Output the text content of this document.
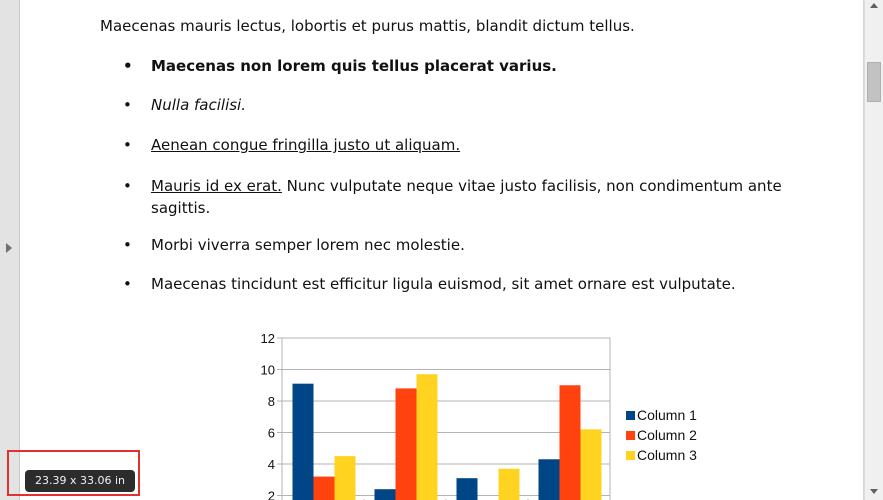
Maecenas mauris lectus, lobortis et purus mattis, blandit dictum tellus.

• Maecenas non lorem quis tellus placerat varius.
• Nulla facilisi.
• Aenean congue fringilla justo ut aliquam.
• Mauris id ex erat. Nunc vulputate neque vitae justo facilisis, non condimentum ante
sagittis.
• Morbi viverra semper lorem nec molestie.
• Maecenas tincidunt est efficitur ligula euismod, sit amet ornare est vulputate.
12
10
8
6
4
2
Column 1
Column 2
Column 3
23.39 x 33.06 in
